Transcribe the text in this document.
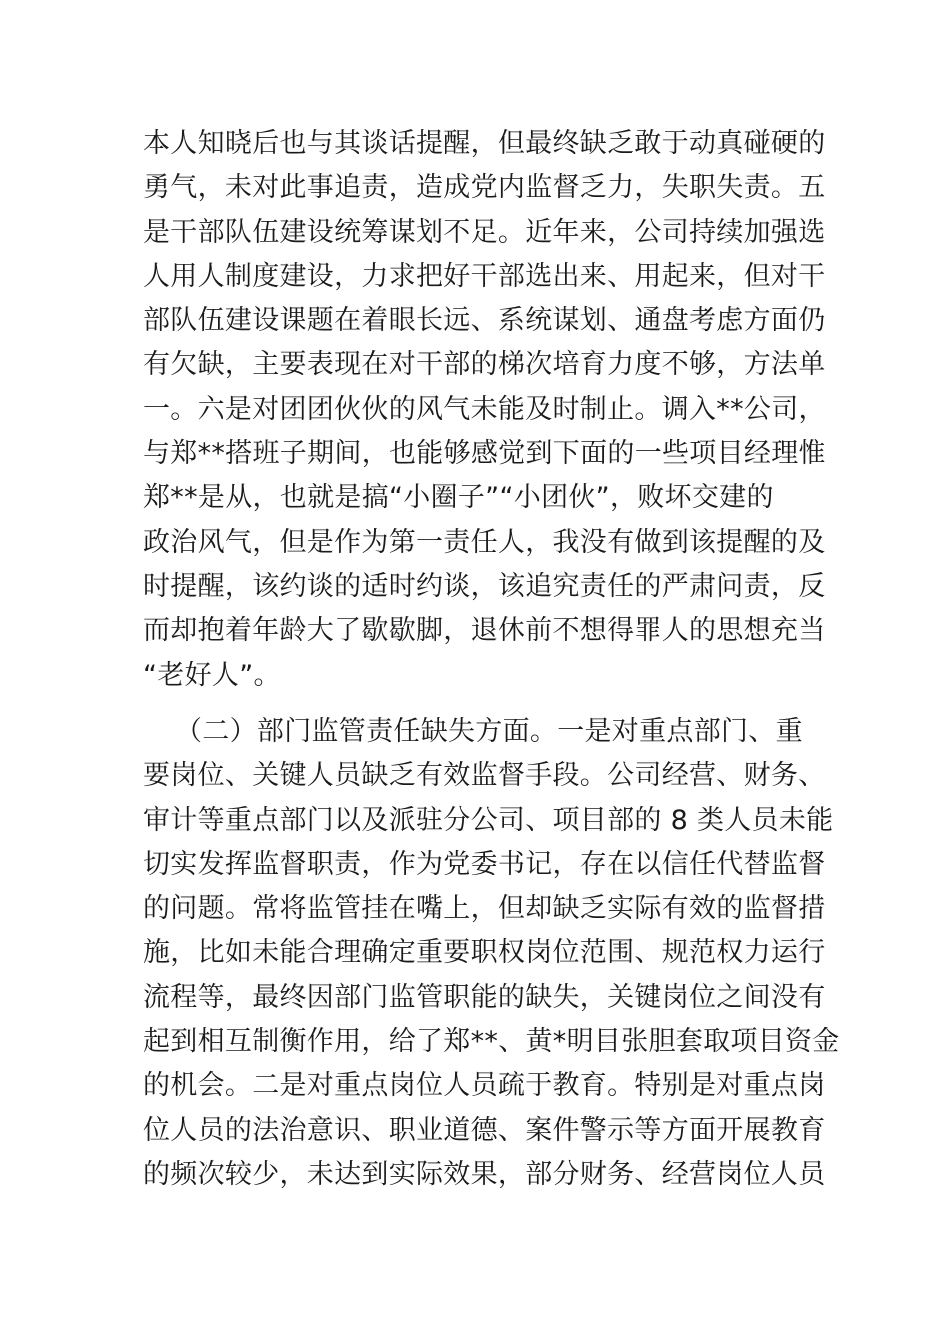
本人知晓后也与其谈话提醒，但最终缺乏敢于动真碰硬的
勇气，未对此事追责，造成党内监督乏力，失职失责。五
是干部队伍建设统筹谋划不足。近年来，公司持续加强选
人用人制度建设，力求把好干部选出来、用起来，但对干
部队伍建设课题在着眼长远、系统谋划、通盘考虑方面仍
有欠缺，主要表现在对干部的梯次培育力度不够，方法单
一。六是对团团伙伙的风气未能及时制止。调入**公司，
与郑**搭班子期间，也能够感觉到下面的一些项目经理惟
郑**是从，也就是搞“小圈子”“小团伙”，败坏交建的
政治风气，但是作为第一责任人，我没有做到该提醒的及
时提醒，该约谈的适时约谈，该追究责任的严肃问责，反
而却抱着年龄大了歇歇脚，退休前不想得罪人的思想充当
“老好人”。
（二）部门监管责任缺失方面。一是对重点部门、重
要岗位、关键人员缺乏有效监督手段。公司经营、财务、
审计等重点部门以及派驻分公司、项目部的 8 类人员未能
切实发挥监督职责，作为党委书记，存在以信任代替监督
的问题。常将监管挂在嘴上，但却缺乏实际有效的监督措
施，比如未能合理确定重要职权岗位范围、规范权力运行
流程等，最终因部门监管职能的缺失，关键岗位之间没有
起到相互制衡作用，给了郑**、黄*明目张胆套取项目资金
的机会。二是对重点岗位人员疏于教育。特别是对重点岗
位人员的法治意识、职业道德、案件警示等方面开展教育
的频次较少，未达到实际效果，部分财务、经营岗位人员
